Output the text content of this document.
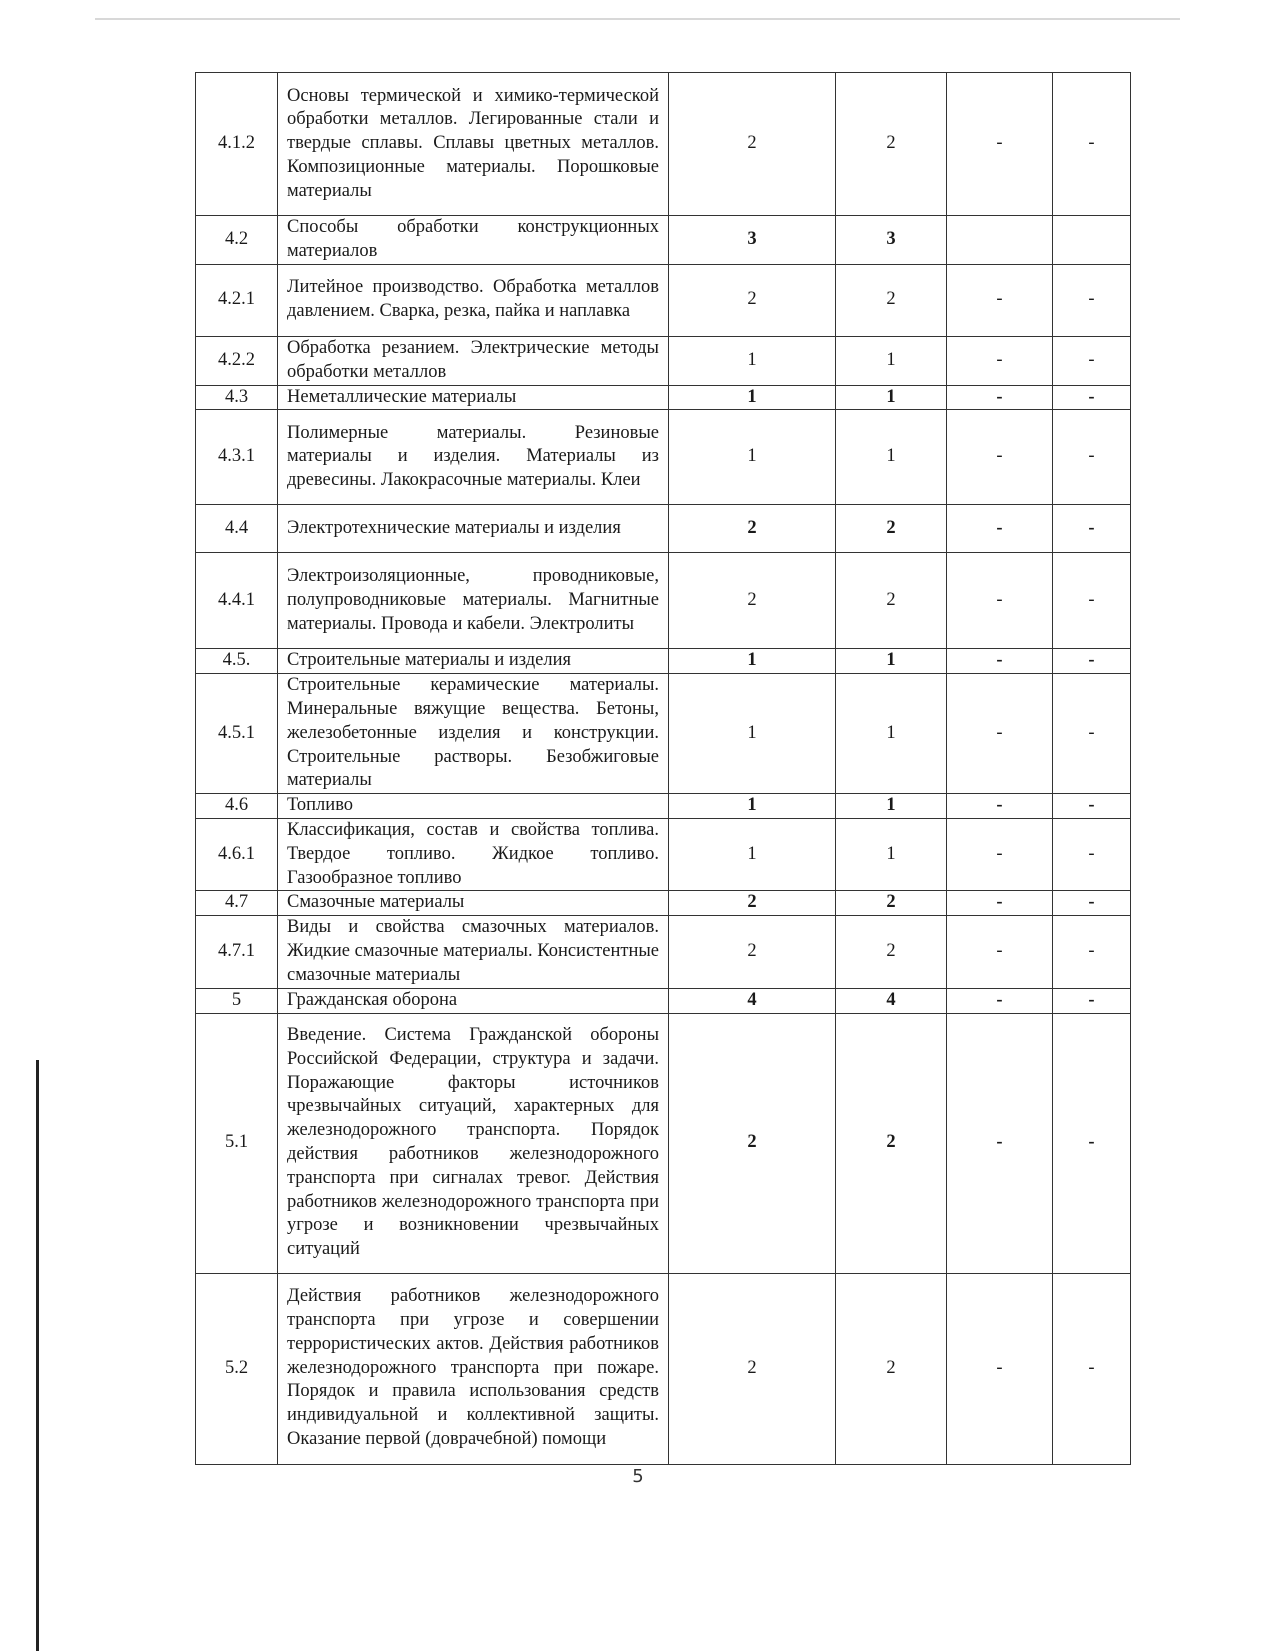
4.1.2	Основы термической и химико-термической обработки металлов. Легированные стали и твердые сплавы. Сплавы цветных металлов. Композиционные материалы. Порошковые материалы	2	2	-	-
4.2	Способы обработки конструкционных материалов	3	3		
4.2.1	Литейное производство. Обработка металлов давлением. Сварка, резка, пайка и наплавка	2	2	-	-
4.2.2	Обработка резанием. Электрические методы обработки металлов	1	1	-	-
4.3	Неметаллические материалы	1	1	-	-
4.3.1	Полимерные материалы. Резиновые материалы и изделия. Материалы из древесины. Лакокрасочные материалы. Клеи	1	1	-	-
4.4	Электротехнические материалы и изделия	2	2	-	-
4.4.1	Электроизоляционные, проводниковые, полупроводниковые материалы. Магнитные материалы. Провода и кабели. Электролиты	2	2	-	-
4.5.	Строительные материалы и изделия	1	1	-	-
4.5.1	Строительные керамические материалы. Минеральные вяжущие вещества. Бетоны, железобетонные изделия и конструкции. Строительные растворы. Безобжиговые материалы	1	1	-	-
4.6	Топливо	1	1	-	-
4.6.1	Классификация, состав и свойства топлива. Твердое топливо. Жидкое топливо. Газообразное топливо	1	1	-	-
4.7	Смазочные материалы	2	2	-	-
4.7.1	Виды и свойства смазочных материалов. Жидкие смазочные материалы. Консистентные смазочные материалы	2	2	-	-
5	Гражданская оборона	4	4	-	-
5.1	Введение. Система Гражданской обороны Российской Федерации, структура и задачи. Поражающие факторы источников чрезвычайных ситуаций, характерных для железнодорожного транспорта. Порядок действия работников железнодорожного транспорта при сигналах тревог. Действия работников железнодорожного транспорта при угрозе и возникновении чрезвычайных ситуаций	2	2	-	-
5.2	Действия работников железнодорожного транспорта при угрозе и совершении террористических актов. Действия работников железнодорожного транспорта при пожаре. Порядок и правила использования средств индивидуальной и коллективной защиты. Оказание первой (доврачебной) помощи	2	2	-	-
5
